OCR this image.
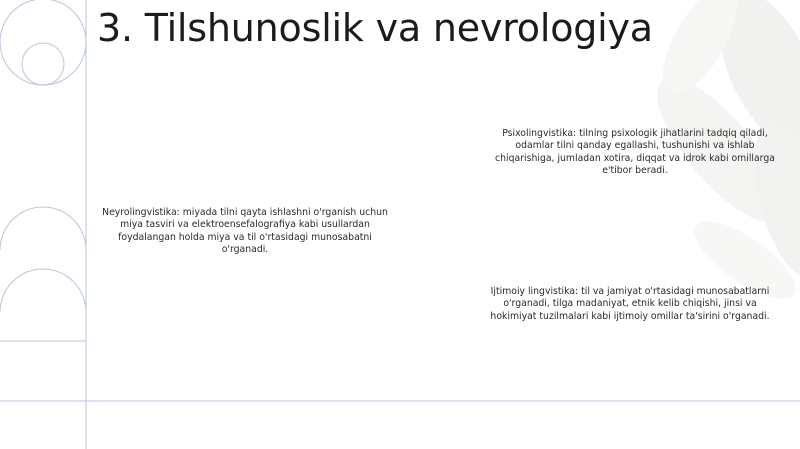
3. Tilshunoslik va nevrologiya

Psixolingvistika: tilning psixologik jihatlarini tadqiq qiladi, odamlar tilni qanday egallashi, tushunishi va ishlab chiqarishiga, jumladan xotira, diqqat va idrok kabi omillarga e'tibor beradi.

Neyrolingvistika: miyada tilni qayta ishlashni o'rganish uchun miya tasviri va elektroensefalografiya kabi usullardan foydalangan holda miya va til o'rtasidagi munosabatni o'rganadi.

Ijtimoiy lingvistika: til va jamiyat o'rtasidagi munosabatlarni o'rganadi, tilga madaniyat, etnik kelib chiqishi, jinsi va hokimiyat tuzilmalari kabi ijtimoiy omillar ta'sirini o'rganadi.
